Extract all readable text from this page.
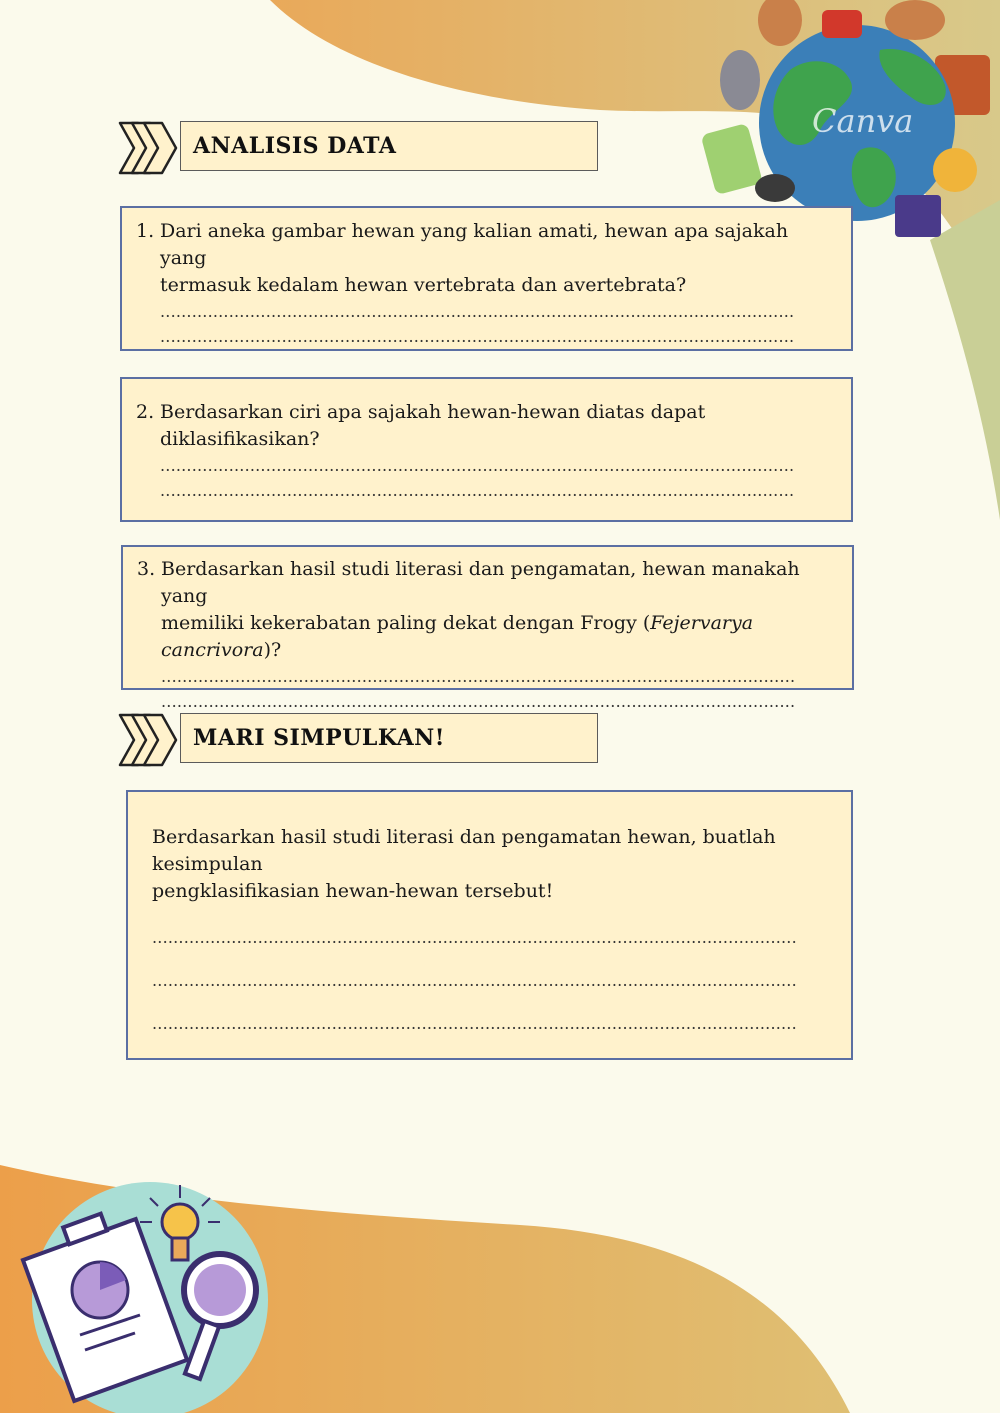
Canva
ANALISIS DATA
1. Dari aneka gambar hewan yang kalian amati, hewan apa sajakah yang
termasuk kedalam hewan vertebrata dan avertebrata?
........................................................................................................................
........................................................................................................................
2. Berdasarkan ciri apa sajakah hewan-hewan diatas dapat diklasifikasikan?
........................................................................................................................
........................................................................................................................
3. Berdasarkan hasil studi literasi dan pengamatan, hewan manakah yang
memiliki kekerabatan paling dekat dengan Frogy (Fejervarya cancrivora)?
........................................................................................................................
........................................................................................................................
MARI SIMPULKAN!
Berdasarkan hasil studi literasi dan pengamatan hewan, buatlah kesimpulan
pengklasifikasian hewan-hewan tersebut!
..........................................................................................................................
..........................................................................................................................
..........................................................................................................................
